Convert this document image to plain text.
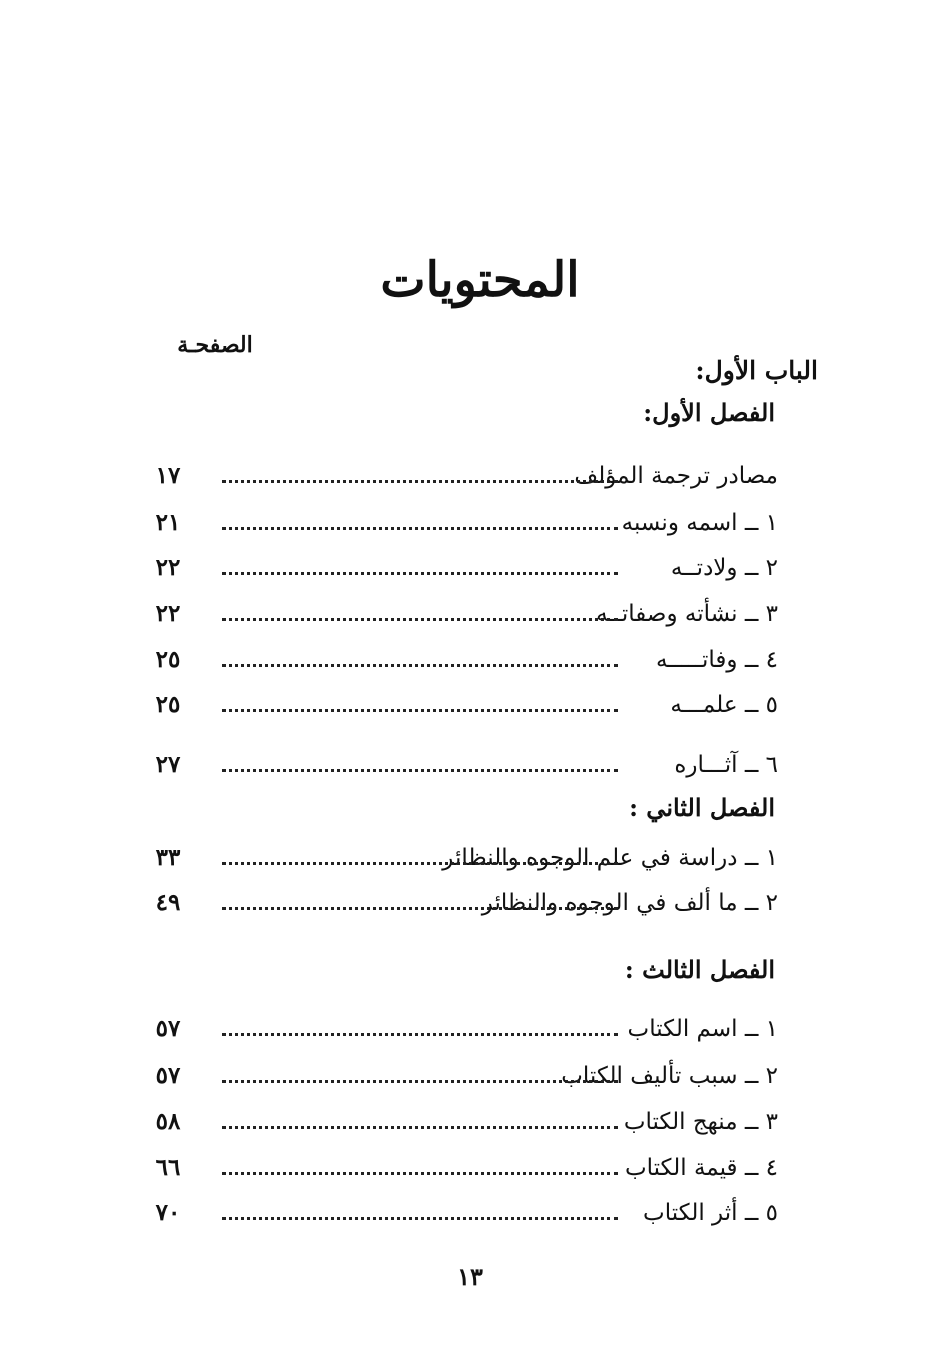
المحتويات
الصفحـة
الباب الأول:
الفصل الأول:
مصادر ترجمة المؤلف
١٧
١ ــ اسمه ونسبه
٢١
٢ ــ ولادتــه
٢٢
٣ ــ نشأته وصفاتــه
٢٢
٤ ــ وفاتـــــه
٢٥
٥ ــ علمـــه
٢٥
٦ ــ آثـــاره
٢٧
الفصل الثاني :
١ ــ دراسة في علم الوجوه والنظائر
٣٣
٢ ــ ما ألف في الوجوه والنظائر
٤٩
الفصل الثالث :
١ ــ اسم الكتاب
٥٧
٢ ــ سبب تأليف الكتاب
٥٧
٣ ــ منهج الكتاب
٥٨
٤ ــ قيمة الكتاب
٦٦
٥ ــ أثر الكتاب
٧٠
١٣
